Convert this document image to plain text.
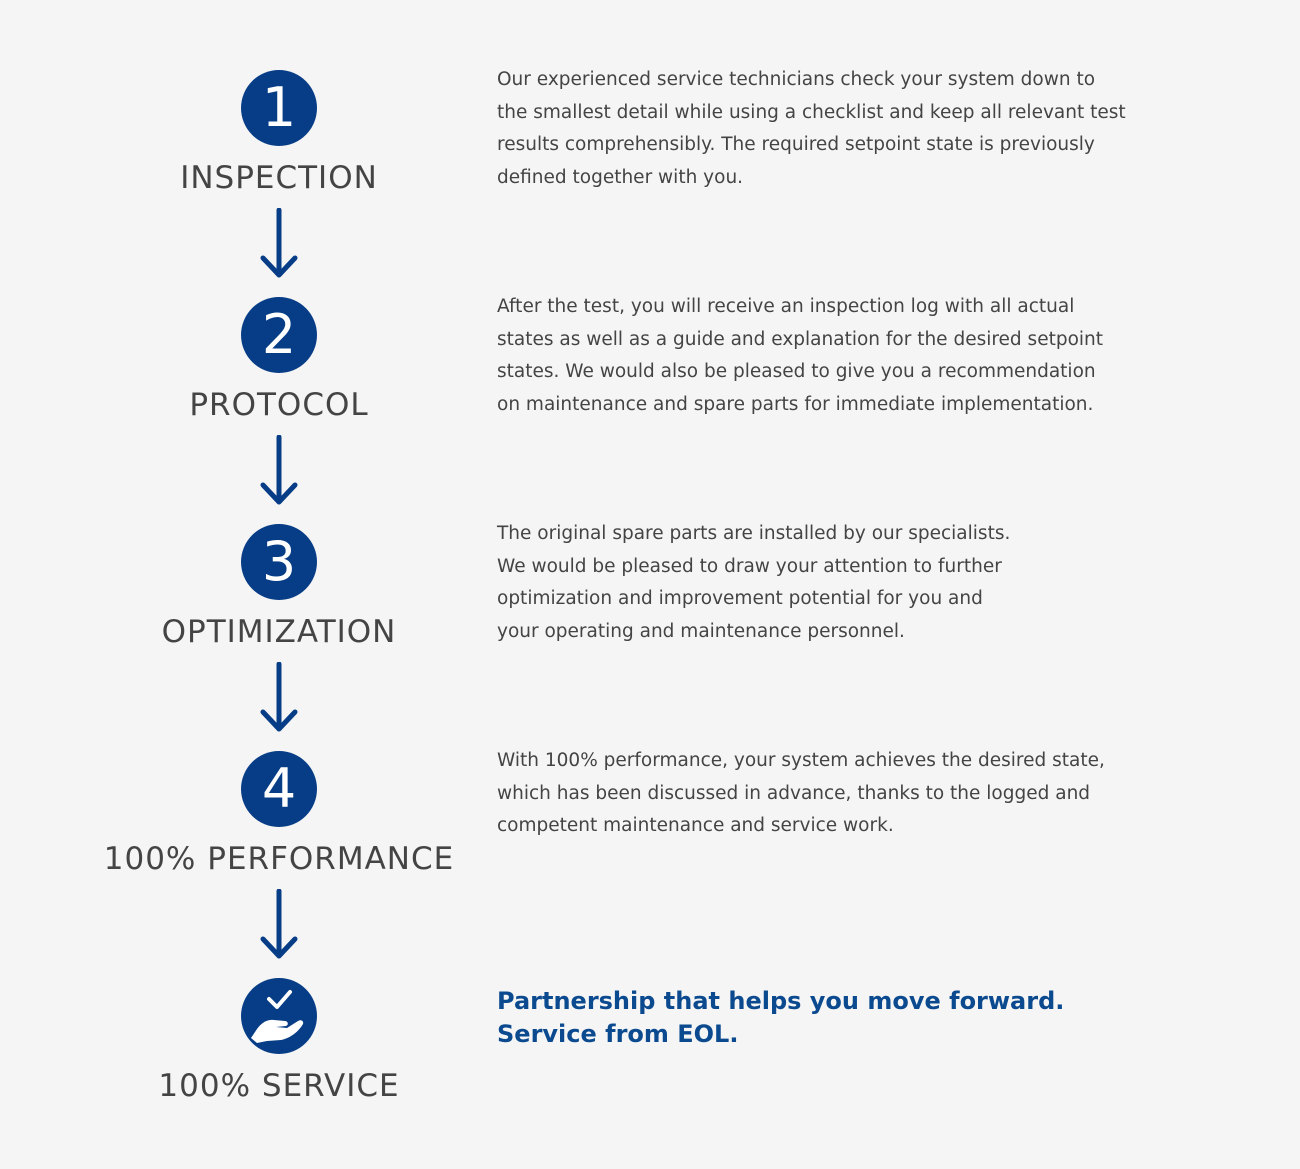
1
INSPECTION
Our experienced service technicians check your system down to
the smallest detail while using a checklist and keep all relevant test
results comprehensibly. The required setpoint state is previously
defined together with you.
2
PROTOCOL
After the test, you will receive an inspection log with all actual
states as well as a guide and explanation for the desired setpoint
states. We would also be pleased to give you a recommendation
on maintenance and spare parts for immediate implementation.
3
OPTIMIZATION
The original spare parts are installed by our specialists.
We would be pleased to draw your attention to further
optimization and improvement potential for you and
your operating and maintenance personnel.
4
100% PERFORMANCE
With 100% performance, your system achieves the desired state,
which has been discussed in advance, thanks to the logged and
competent maintenance and service work.
100% SERVICE
Partnership that helps you move forward.
Service from EOL.
